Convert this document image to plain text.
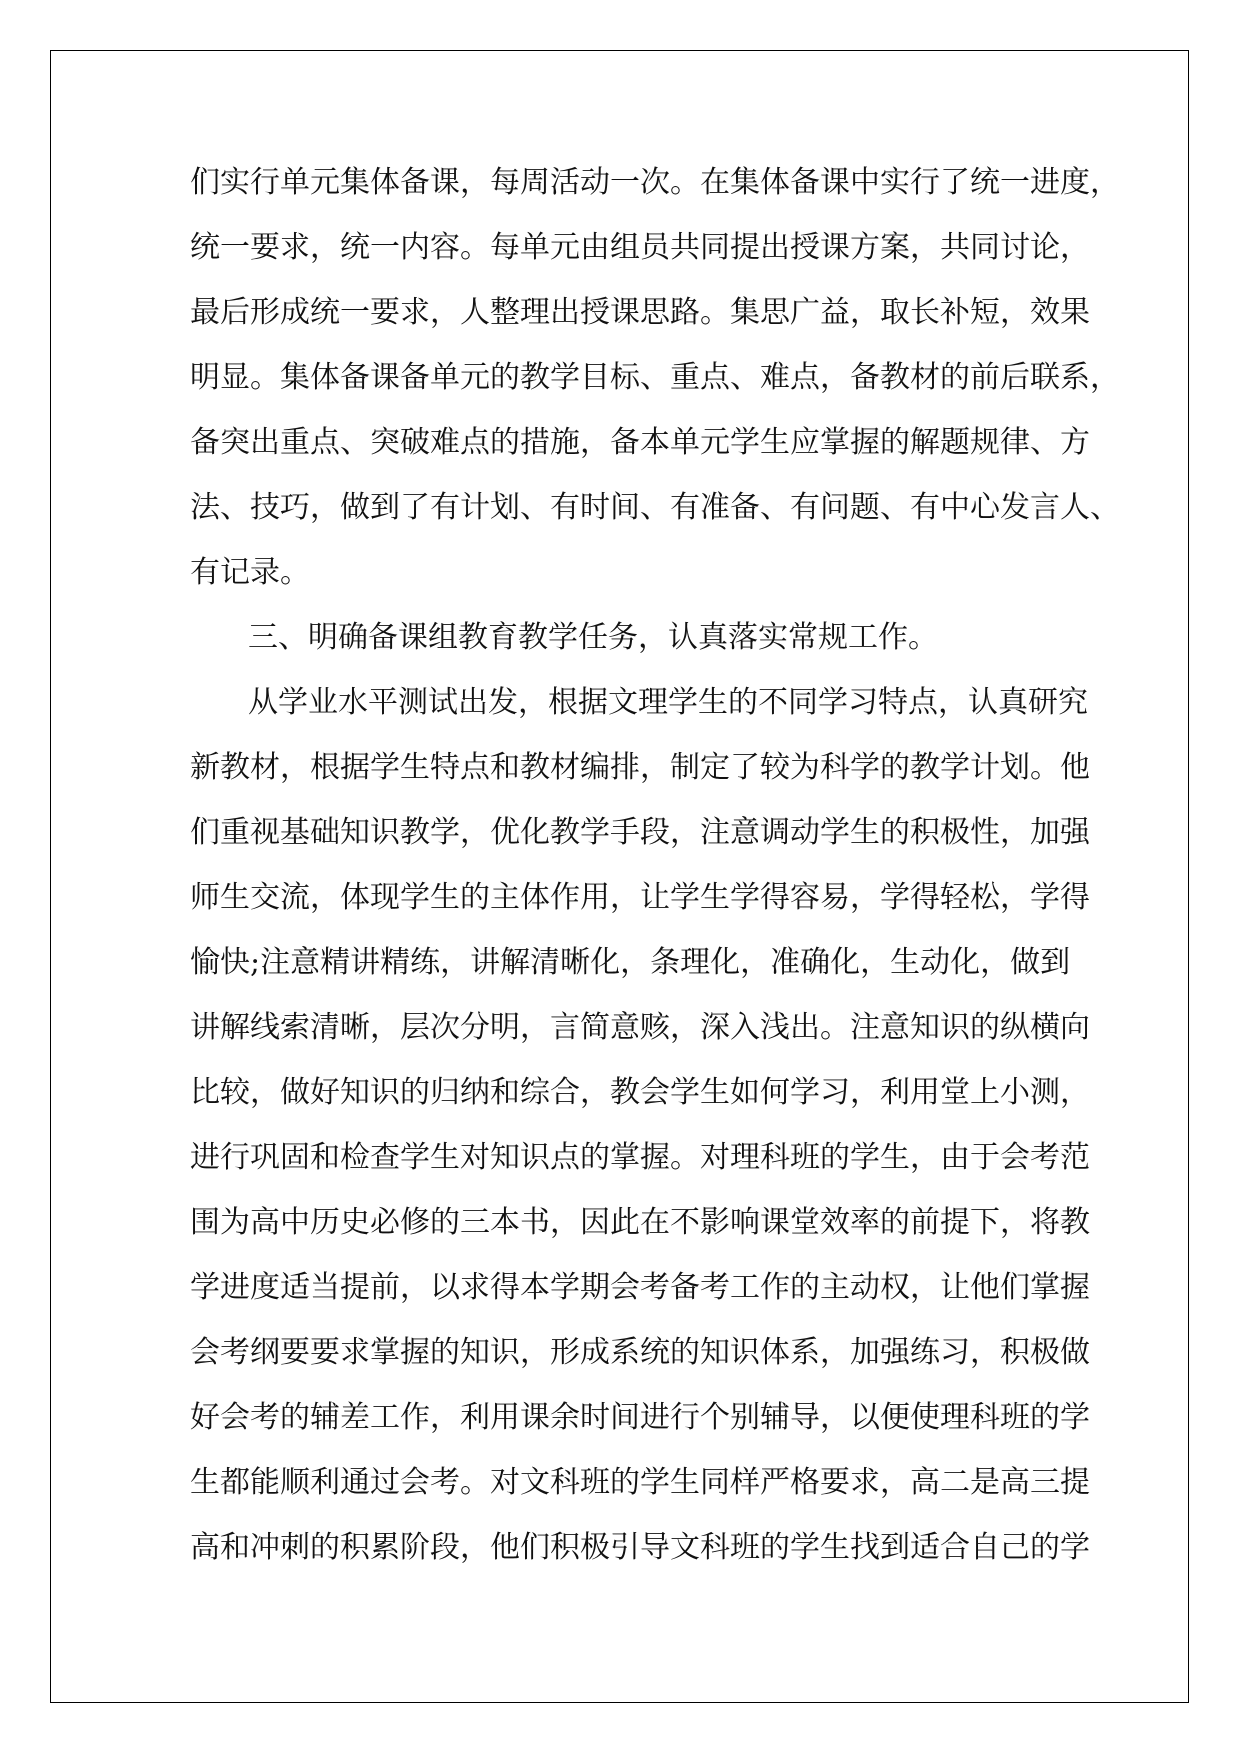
们实行单元集体备课，每周活动一次。在集体备课中实行了统一进度，
统一要求，统一内容。每单元由组员共同提出授课方案，共同讨论，
最后形成统一要求，人整理出授课思路。集思广益，取长补短，效果
明显。集体备课备单元的教学目标、重点、难点，备教材的前后联系，
备突出重点、突破难点的措施，备本单元学生应掌握的解题规律、方
法、技巧，做到了有计划、有时间、有准备、有问题、有中心发言人、
有记录。
三、明确备课组教育教学任务，认真落实常规工作。
从学业水平测试出发，根据文理学生的不同学习特点，认真研究
新教材，根据学生特点和教材编排，制定了较为科学的教学计划。他
们重视基础知识教学，优化教学手段，注意调动学生的积极性，加强
师生交流，体现学生的主体作用，让学生学得容易，学得轻松，学得
愉快;注意精讲精练，讲解清晰化，条理化，准确化，生动化，做到
讲解线索清晰，层次分明，言简意赅，深入浅出。注意知识的纵横向
比较，做好知识的归纳和综合，教会学生如何学习，利用堂上小测，
进行巩固和检查学生对知识点的掌握。对理科班的学生，由于会考范
围为高中历史必修的三本书，因此在不影响课堂效率的前提下，将教
学进度适当提前，以求得本学期会考备考工作的主动权，让他们掌握
会考纲要要求掌握的知识，形成系统的知识体系，加强练习，积极做
好会考的辅差工作，利用课余时间进行个别辅导，以便使理科班的学
生都能顺利通过会考。对文科班的学生同样严格要求，高二是高三提
高和冲刺的积累阶段，他们积极引导文科班的学生找到适合自己的学
